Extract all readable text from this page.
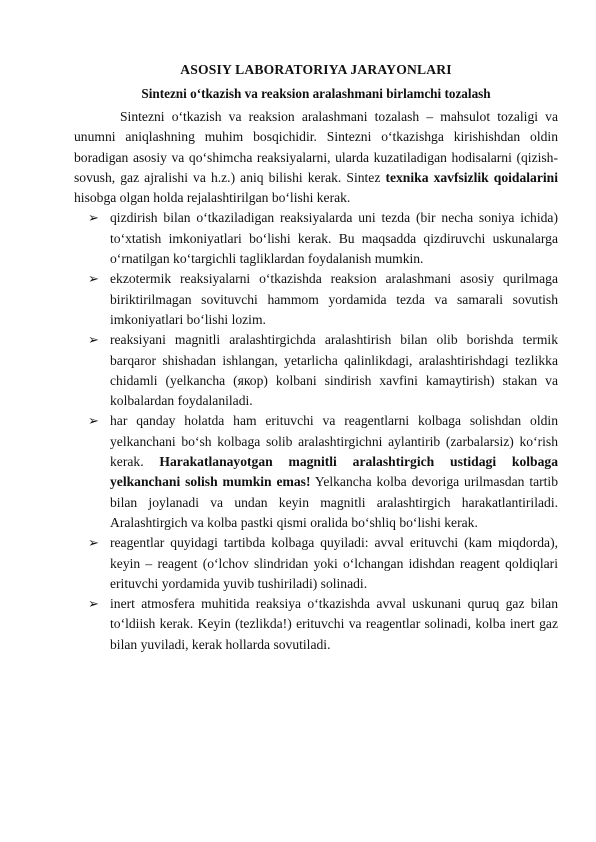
ASOSIY LABORATORIYA JARAYONLARI
Sintezni o‘tkazish va reaksion aralashmani birlamchi tozalash

Sintezni o‘tkazish va reaksion aralashmani tozalash – mahsulot tozaligi va unumni aniqlashning muhim bosqichidir. Sintezni o‘tkazishga kirishishdan oldin boradigan asosiy va qo‘shimcha reaksiyalarni, ularda kuzatiladigan hodisalarni (qizish-sovush, gaz ajralishi va h.z.) aniq bilishi kerak. Sintez texnika xavfsizlik qoidalarini hisobga olgan holda rejalashtirilgan bo‘lishi kerak.

➢ qizdirish bilan o‘tkaziladigan reaksiyalarda uni tezda (bir necha soniya ichida) to‘xtatish imkoniyatlari bo‘lishi kerak. Bu maqsadda qizdiruvchi uskunalarga o‘rnatilgan ko‘targichli tagliklardan foydalanish mumkin.
➢ ekzotermik reaksiyalarni o‘tkazishda reaksion aralashmani asosiy qurilmaga biriktirilmagan sovituvchi hammom yordamida tezda va samarali sovutish imkoniyatlari bo‘lishi lozim.
➢ reaksiyani magnitli aralashtirgichda aralashtirish bilan olib borishda termik barqaror shishadan ishlangan, yetarlicha qalinlikdagi, aralashtirishdagi tezlikka chidamli (yelkancha (якор) kolbani sindirish xavfini kamaytirish) stakan va kolbalardan foydalaniladi.
➢ har qanday holatda ham erituvchi va reagentlarni kolbaga solishdan oldin yelkanchani bo‘sh kolbaga solib aralashtirgichni aylantirib (zarbalarsiz) ko‘rish kerak. Harakatlanayotgan magnitli aralashtirgich ustidagi kolbaga yelkanchani solish mumkin emas! Yelkancha kolba devoriga urilmasdan tartib bilan joylanadi va undan keyin magnitli aralashtirgich harakatlantiriladi. Aralashtirgich va kolba pastki qismi oralida bo‘shliq bo‘lishi kerak.
➢ reagentlar quyidagi tartibda kolbaga quyiladi: avval erituvchi (kam miqdorda), keyin – reagent (o‘lchov slindridan yoki o‘lchangan idishdan reagent qoldiqlari erituvchi yordamida yuvib tushiriladi) solinadi.
➢ inert atmosfera muhitida reaksiya o‘tkazishda avval uskunani quruq gaz bilan to‘ldiish kerak. Keyin (tezlikda!) erituvchi va reagentlar solinadi, kolba inert gaz bilan yuviladi, kerak hollarda sovutiladi.
